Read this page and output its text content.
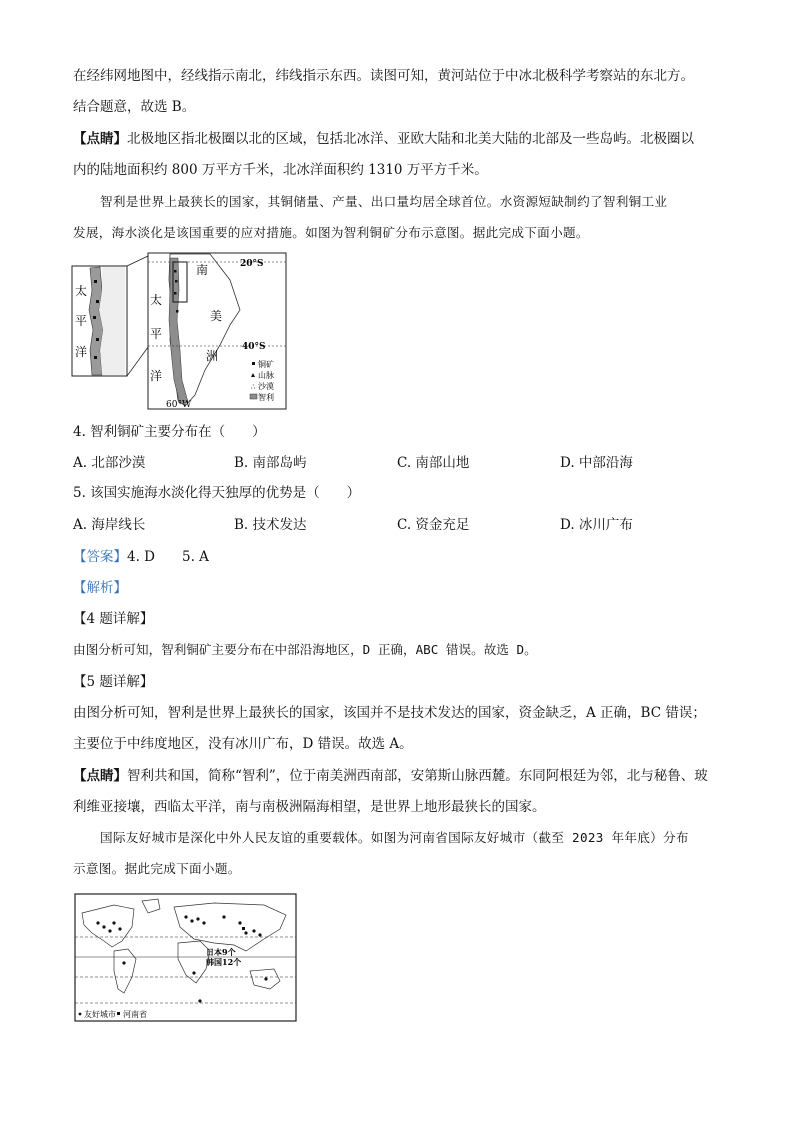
在经纬网地图中，经线指示南北，纬线指示东西。读图可知，黄河站位于中冰北极科学考察站的东北方。
结合题意，故选 B。
【点睛】北极地区指北极圈以北的区域，包括北冰洋、亚欧大陆和北美大陆的北部及一些岛屿。北极圈以
内的陆地面积约 800 万平方千米，北冰洋面积约 1310 万平方千米。
智利是世界上最狭长的国家，其铜储量、产量、出口量均居全球首位。水资源短缺制约了智利铜工业
发展，海水淡化是该国重要的应对措施。如图为智利铜矿分布示意图。据此完成下面小题。
太
平
洋
20°S
40°S
60°W
南
太
平
洋
美
洲
铜矿
山脉
∴ 沙漠
智利
4. 智利铜矿主要分布在（　　）
A. 北部沙漠	B. 南部岛屿	C. 南部山地	D. 中部沿海
5. 该国实施海水淡化得天独厚的优势是（　　）
A. 海岸线长	B. 技术发达	C. 资金充足	D. 冰川广布
【答案】4. D　　5. A
【解析】
【4 题详解】
由图分析可知，智利铜矿主要分布在中部沿海地区，D 正确，ABC 错误。故选 D。
【5 题详解】
由图分析可知，智利是世界上最狭长的国家，该国并不是技术发达的国家，资金缺乏，A 正确，BC 错误；
主要位于中纬度地区，没有冰川广布，D 错误。故选 A。
【点睛】智利共和国，简称“智利”，位于南美洲西南部，安第斯山脉西麓。东同阿根廷为邻，北与秘鲁、玻
利维亚接壤，西临太平洋，南与南极洲隔海相望，是世界上地形最狭长的国家。
国际友好城市是深化中外人民友谊的重要载体。如图为河南省国际友好城市（截至 2023 年年底）分布
示意图。据此完成下面小题。
日本9个
韩国12个
友好城市 河南省
